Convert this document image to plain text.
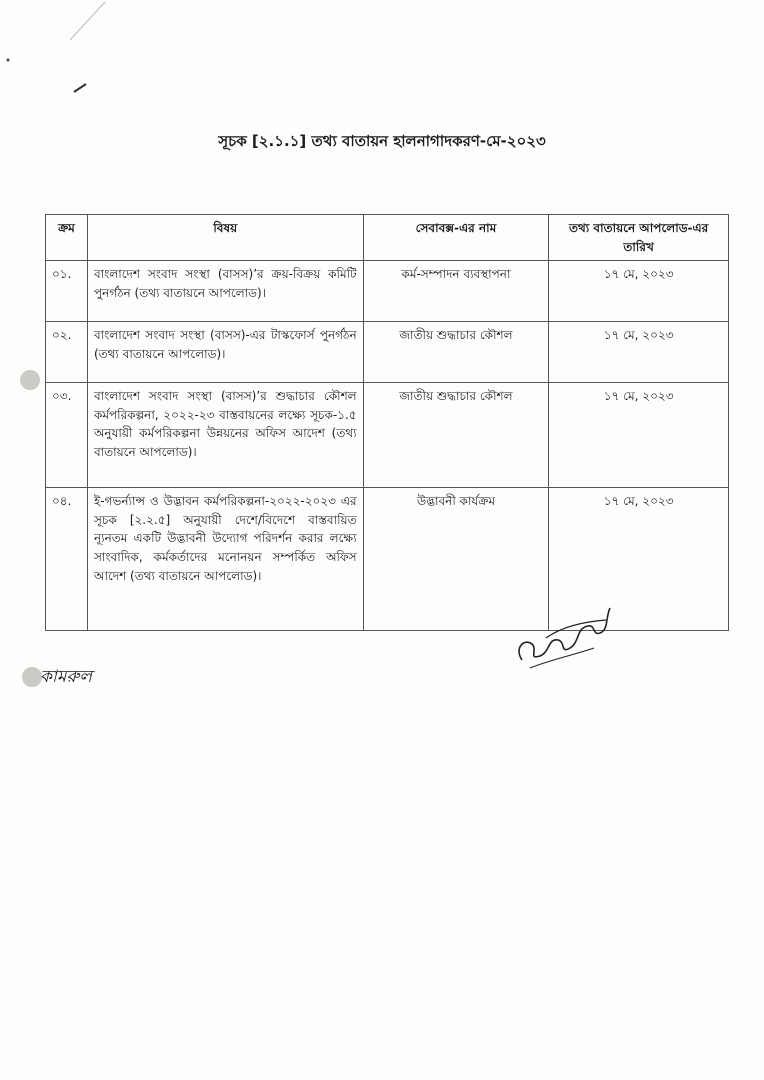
সূচক [২.১.১] তথ্য বাতায়ন হালনাগাদকরণ-মে-২০২৩
ক্রম	বিষয়	সেবাবক্স-এর নাম	তথ্য বাতায়নে আপলোড-এর তারিখ
০১.	বাংলাদেশ সংবাদ সংস্থা (বাসস)’র ক্রয়-বিক্রয় কমিটি পুনর্গঠন (তথ্য বাতায়নে আপলোড)।	কর্ম-সম্পাদন ব্যবস্থাপনা	১৭ মে, ২০২৩
০২.	বাংলাদেশ সংবাদ সংস্থা (বাসস)-এর টাস্কফোর্স পুনর্গঠন (তথ্য বাতায়নে আপলোড)।	জাতীয় শুদ্ধাচার কৌশল	১৭ মে, ২০২৩
০৩.	বাংলাদেশ সংবাদ সংস্থা (বাসস)’র শুদ্ধাচার কৌশল কর্মপরিকল্পনা, ২০২২-২৩ বাস্তবায়নের লক্ষ্যে সূচক-১.৫ অনুযায়ী কর্মপরিকল্পনা উন্নয়নের অফিস আদেশ (তথ্য বাতায়নে আপলোড)।	জাতীয় শুদ্ধাচার কৌশল	১৭ মে, ২০২৩
০৪.	ই-গভর্ন্যান্স ও উদ্ভাবন কর্মপরিকল্পনা-২০২২-২০২৩ এর সূচক [২.২.৫] অনুযায়ী দেশে/বিদেশে বাস্তবায়িত ন্যূনতম একটি উদ্ভাবনী উদ্যোগ পরিদর্শন করার লক্ষ্যে সাংবাদিক, কর্মকর্তাদের মনোনয়ন সম্পর্কিত অফিস আদেশ (তথ্য বাতায়নে আপলোড)।	উদ্ভাবনী কার্যক্রম	১৭ মে, ২০২৩
কামরুল
